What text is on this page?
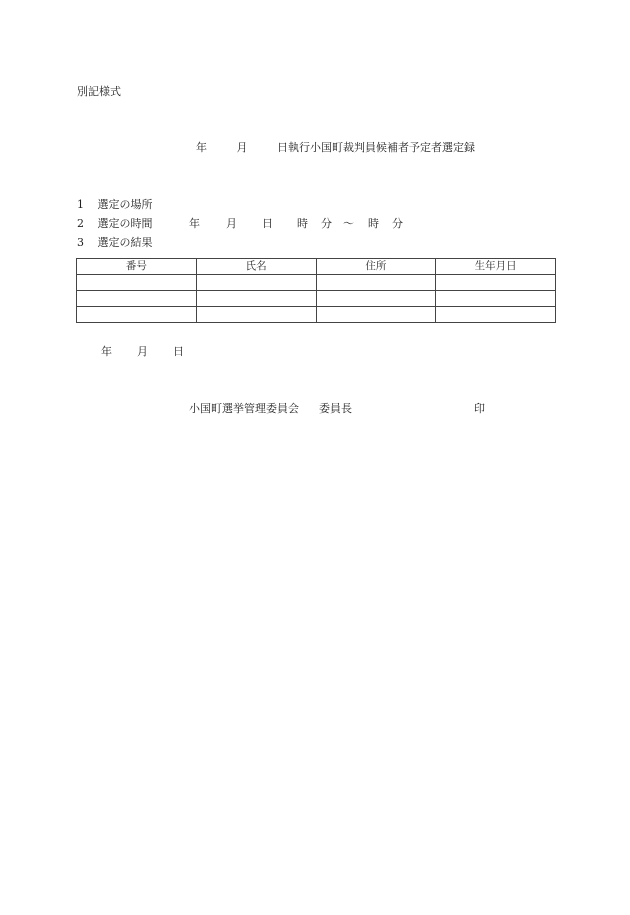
別記様式
年	月	日執行小国町裁判員候補者予定者選定録
1 選定の場所
2 選定の時間	年 月 日 時 分 ～ 時 分
3 選定の結果
番号	氏名	住所	生年月日

年 月 日
小国町選挙管理委員会 委員長	印
